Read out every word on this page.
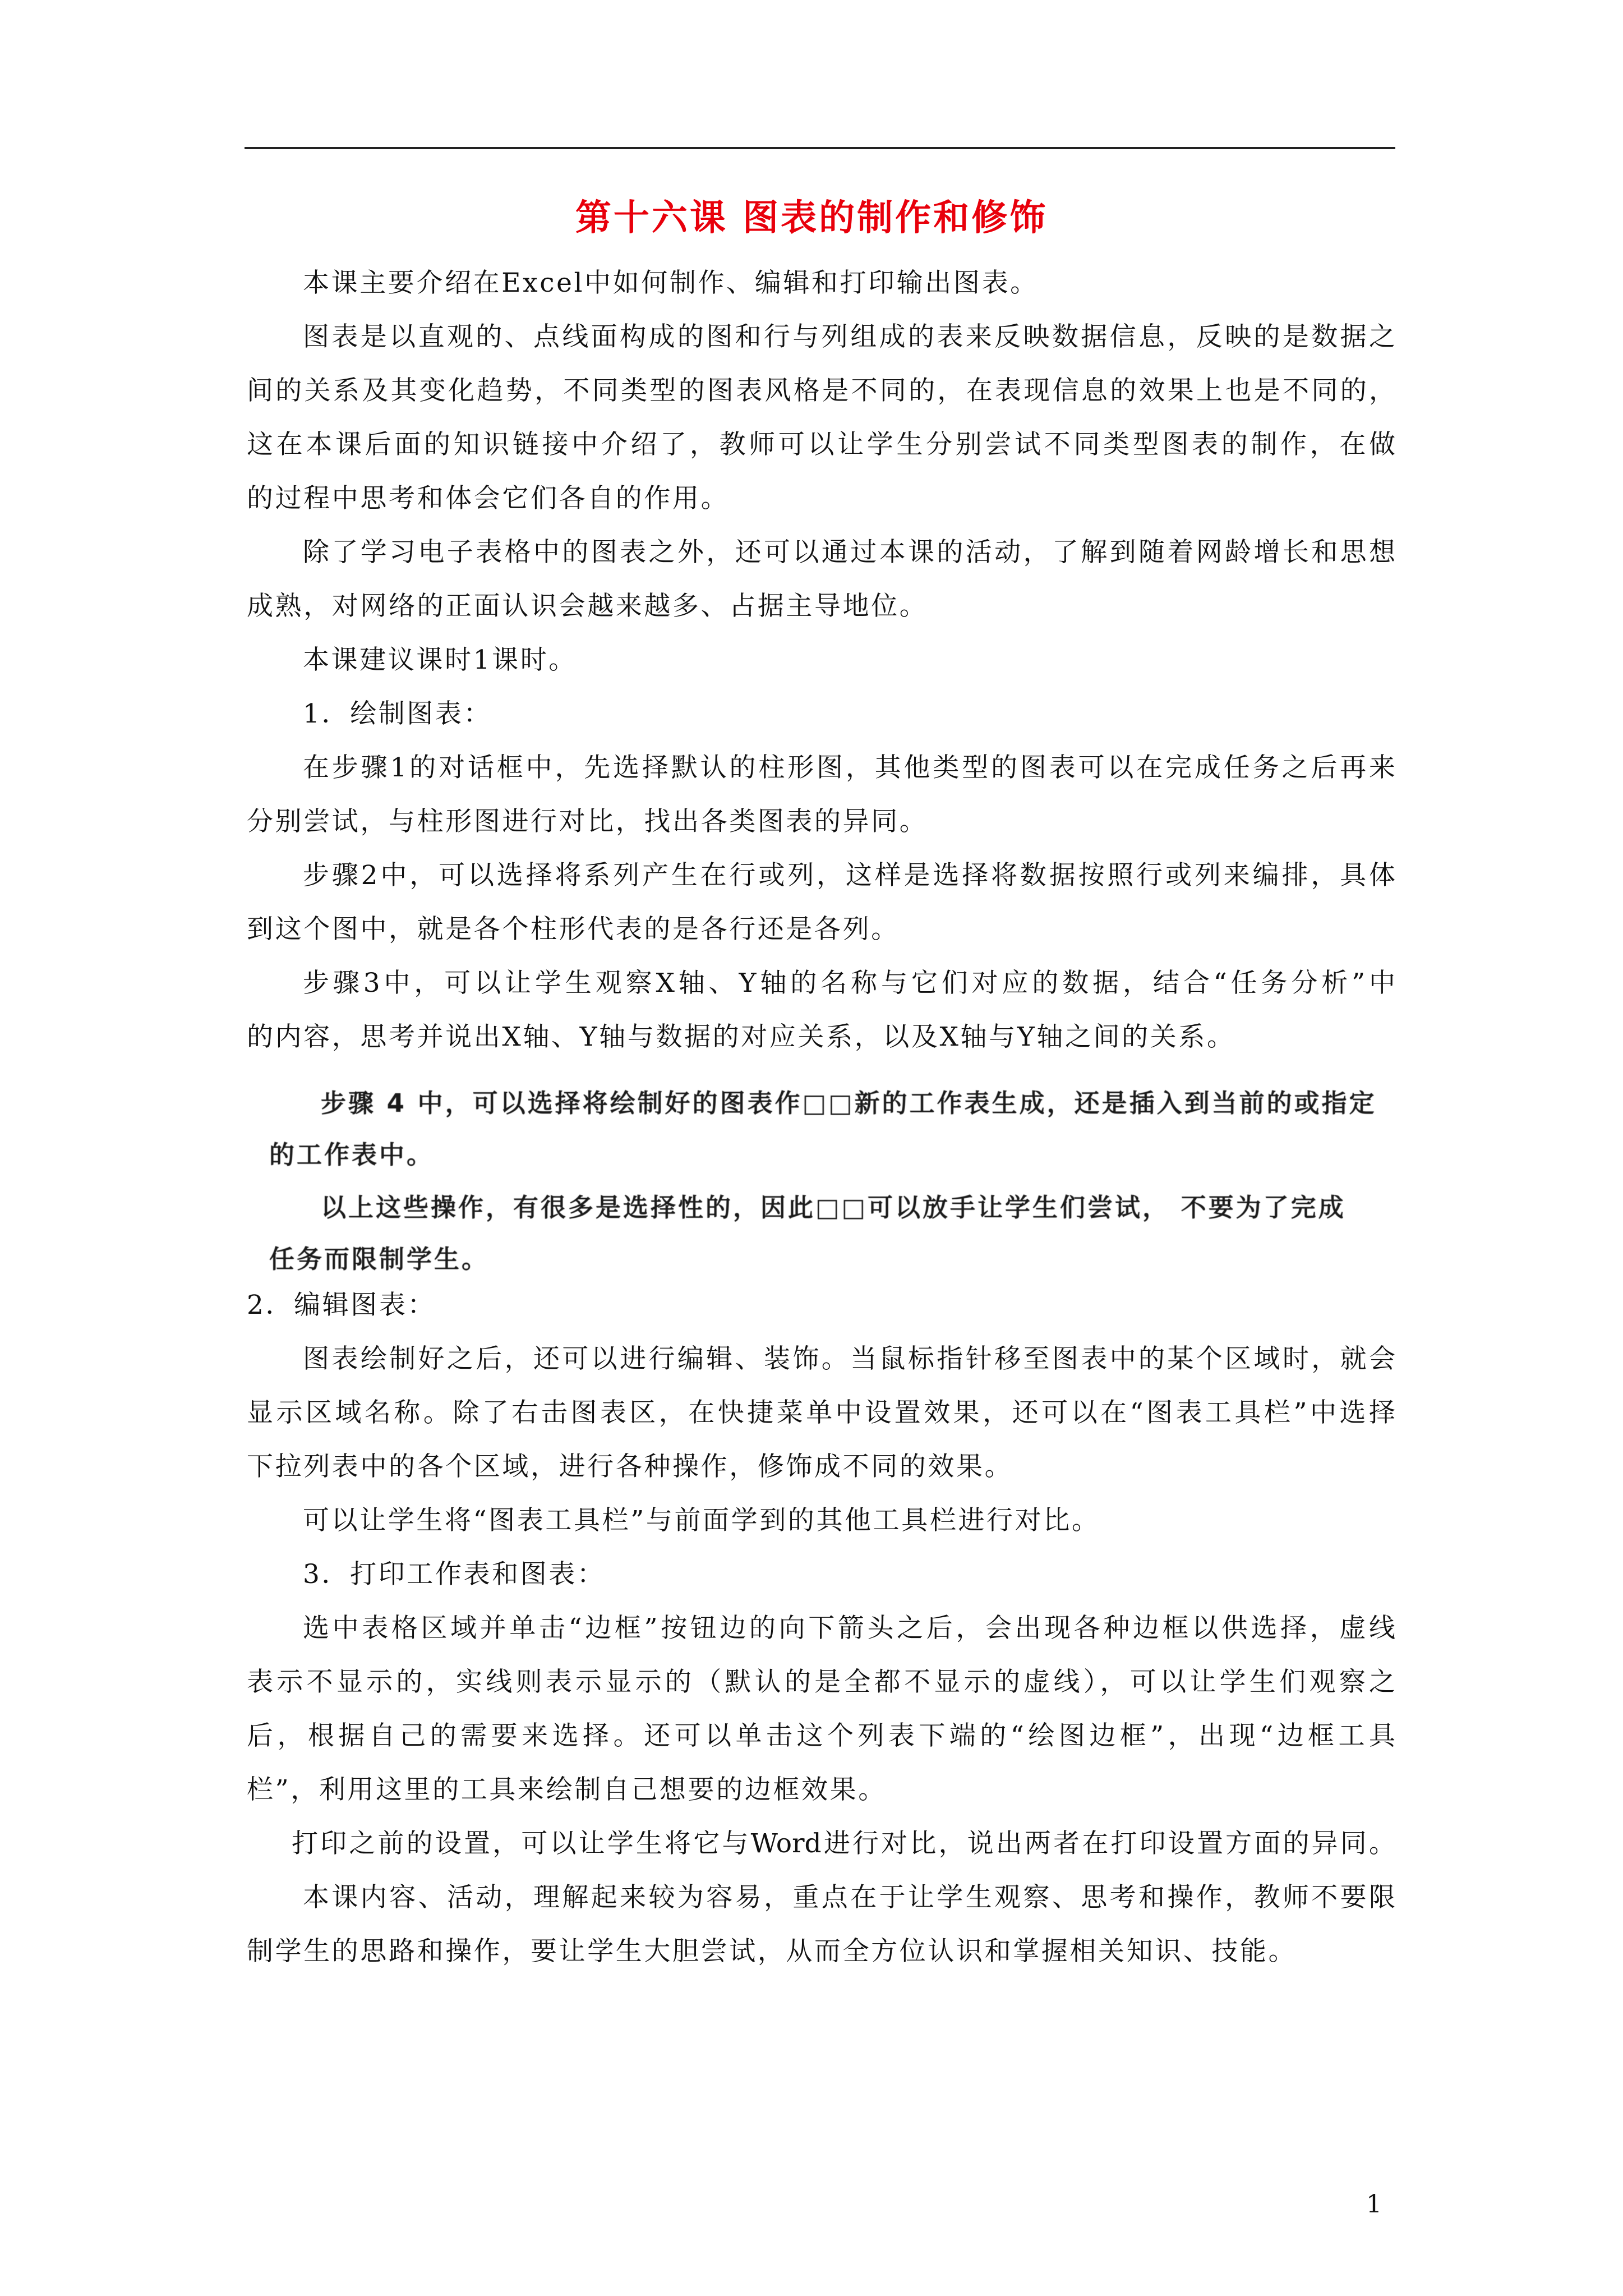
第十六课 图表的制作和修饰
本课主要介绍在Excel中如何制作、编辑和打印输出图表。
图表是以直观的、点线面构成的图和行与列组成的表来反映数据信息，反映的是数据之
间的关系及其变化趋势，不同类型的图表风格是不同的，在表现信息的效果上也是不同的，
这在本课后面的知识链接中介绍了，教师可以让学生分别尝试不同类型图表的制作，在做
的过程中思考和体会它们各自的作用。
除了学习电子表格中的图表之外，还可以通过本课的活动，了解到随着网龄增长和思想
成熟，对网络的正面认识会越来越多、占据主导地位。
本课建议课时1课时。
1．绘制图表：
在步骤1的对话框中，先选择默认的柱形图，其他类型的图表可以在完成任务之后再来
分别尝试，与柱形图进行对比，找出各类图表的异同。
步骤2中，可以选择将系列产生在行或列，这样是选择将数据按照行或列来编排，具体
到这个图中，就是各个柱形代表的是各行还是各列。
步骤3中，可以让学生观察X轴、Y轴的名称与它们对应的数据，结合“任务分析”中
的内容，思考并说出X轴、Y轴与数据的对应关系，以及X轴与Y轴之间的关系。
步骤 4 中，可以选择将绘制好的图表作□□新的工作表生成，还是插入到当前的或指定
的工作表中。
以上这些操作，有很多是选择性的，因此□□可以放手让学生们尝试， 不要为了完成
任务而限制学生。
2．编辑图表：
图表绘制好之后，还可以进行编辑、装饰。当鼠标指针移至图表中的某个区域时，就会
显示区域名称。除了右击图表区，在快捷菜单中设置效果，还可以在“图表工具栏”中选择
下拉列表中的各个区域，进行各种操作，修饰成不同的效果。
可以让学生将“图表工具栏”与前面学到的其他工具栏进行对比。
3．打印工作表和图表：
选中表格区域并单击“边框”按钮边的向下箭头之后，会出现各种边框以供选择，虚线
表示不显示的，实线则表示显示的（默认的是全都不显示的虚线），可以让学生们观察之
后，根据自己的需要来选择。还可以单击这个列表下端的“绘图边框”，出现“边框工具
栏”，利用这里的工具来绘制自己想要的边框效果。
打印之前的设置，可以让学生将它与Word进行对比，说出两者在打印设置方面的异同。
本课内容、活动，理解起来较为容易，重点在于让学生观察、思考和操作，教师不要限
制学生的思路和操作，要让学生大胆尝试，从而全方位认识和掌握相关知识、技能。
1
